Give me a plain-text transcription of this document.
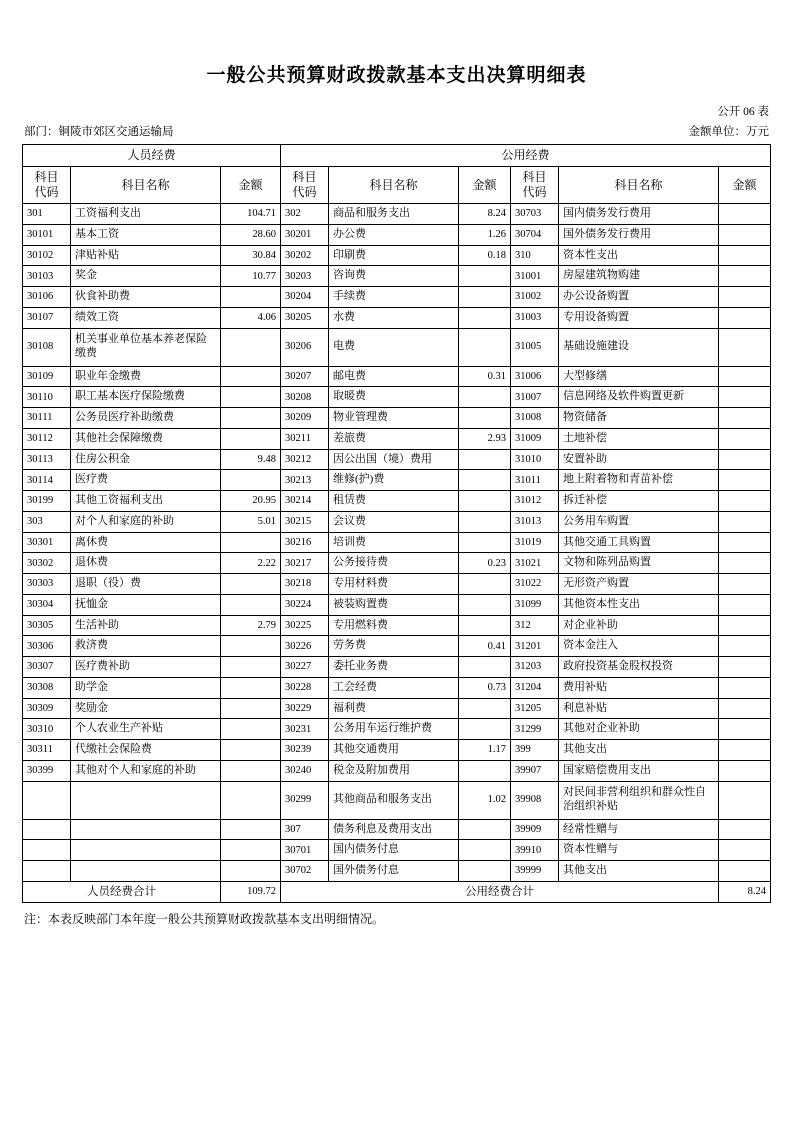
一般公共预算财政拨款基本支出决算明细表
公开 06 表
部门：铜陵市郊区交通运输局	金额单位：万元
人员经费			公用经费					

科目
代码
	科目名称	金额	
科目
代码
	科目名称	金额	
科目
代码
	科目名称	金额
301	工资福利支出	104.71	302	商品和服务支出	8.24	30703	国内债务发行费用	
30101	基本工资	28.60	30201	办公费	1.26	30704	国外债务发行费用	
30102	津贴补贴	30.84	30202	印刷费	0.18	310	资本性支出	
30103	奖金	10.77	30203	咨询费		31001	房屋建筑物购建	
30106	伙食补助费		30204	手续费		31002	办公设备购置	
30107	绩效工资	4.06	30205	水费		31003	专用设备购置	
30108	机关事业单位基本养老保险缴费		30206	电费		31005	基础设施建设	
30109	职业年金缴费		30207	邮电费	0.31	31006	大型修缮	
30110	职工基本医疗保险缴费		30208	取暖费		31007	信息网络及软件购置更新	
30111	公务员医疗补助缴费		30209	物业管理费		31008	物资储备	
30112	其他社会保障缴费		30211	差旅费	2.93	31009	土地补偿	
30113	住房公积金	9.48	30212	因公出国（境）费用		31010	安置补助	
30114	医疗费		30213	维修(护)费		31011	地上附着物和青苗补偿	
30199	其他工资福利支出	20.95	30214	租赁费		31012	拆迁补偿	
303	对个人和家庭的补助	5.01	30215	会议费		31013	公务用车购置	
30301	离休费		30216	培训费		31019	其他交通工具购置	
30302	退休费	2.22	30217	公务接待费	0.23	31021	文物和陈列品购置	
30303	退职（役）费		30218	专用材料费		31022	无形资产购置	
30304	抚恤金		30224	被装购置费		31099	其他资本性支出	
30305	生活补助	2.79	30225	专用燃料费		312	对企业补助	
30306	救济费		30226	劳务费	0.41	31201	资本金注入	
30307	医疗费补助		30227	委托业务费		31203	政府投资基金股权投资	
30308	助学金		30228	工会经费	0.73	31204	费用补贴	
30309	奖励金		30229	福利费		31205	利息补贴	
30310	个人农业生产补贴		30231	公务用车运行维护费		31299	其他对企业补助	
30311	代缴社会保险费		30239	其他交通费用	1.17	399	其他支出	
30399	其他对个人和家庭的补助		30240	税金及附加费用		39907	国家赔偿费用支出	
			30299	其他商品和服务支出	1.02	39908	对民间非营利组织和群众性自治组织补贴	
			307	债务利息及费用支出		39909	经常性赠与	
			30701	国内债务付息		39910	资本性赠与	
			30702	国外债务付息		39999	其他支出	
人员经费合计		109.72	公用经费合计					8.24
注：本表反映部门本年度一般公共预算财政拨款基本支出明细情况。
